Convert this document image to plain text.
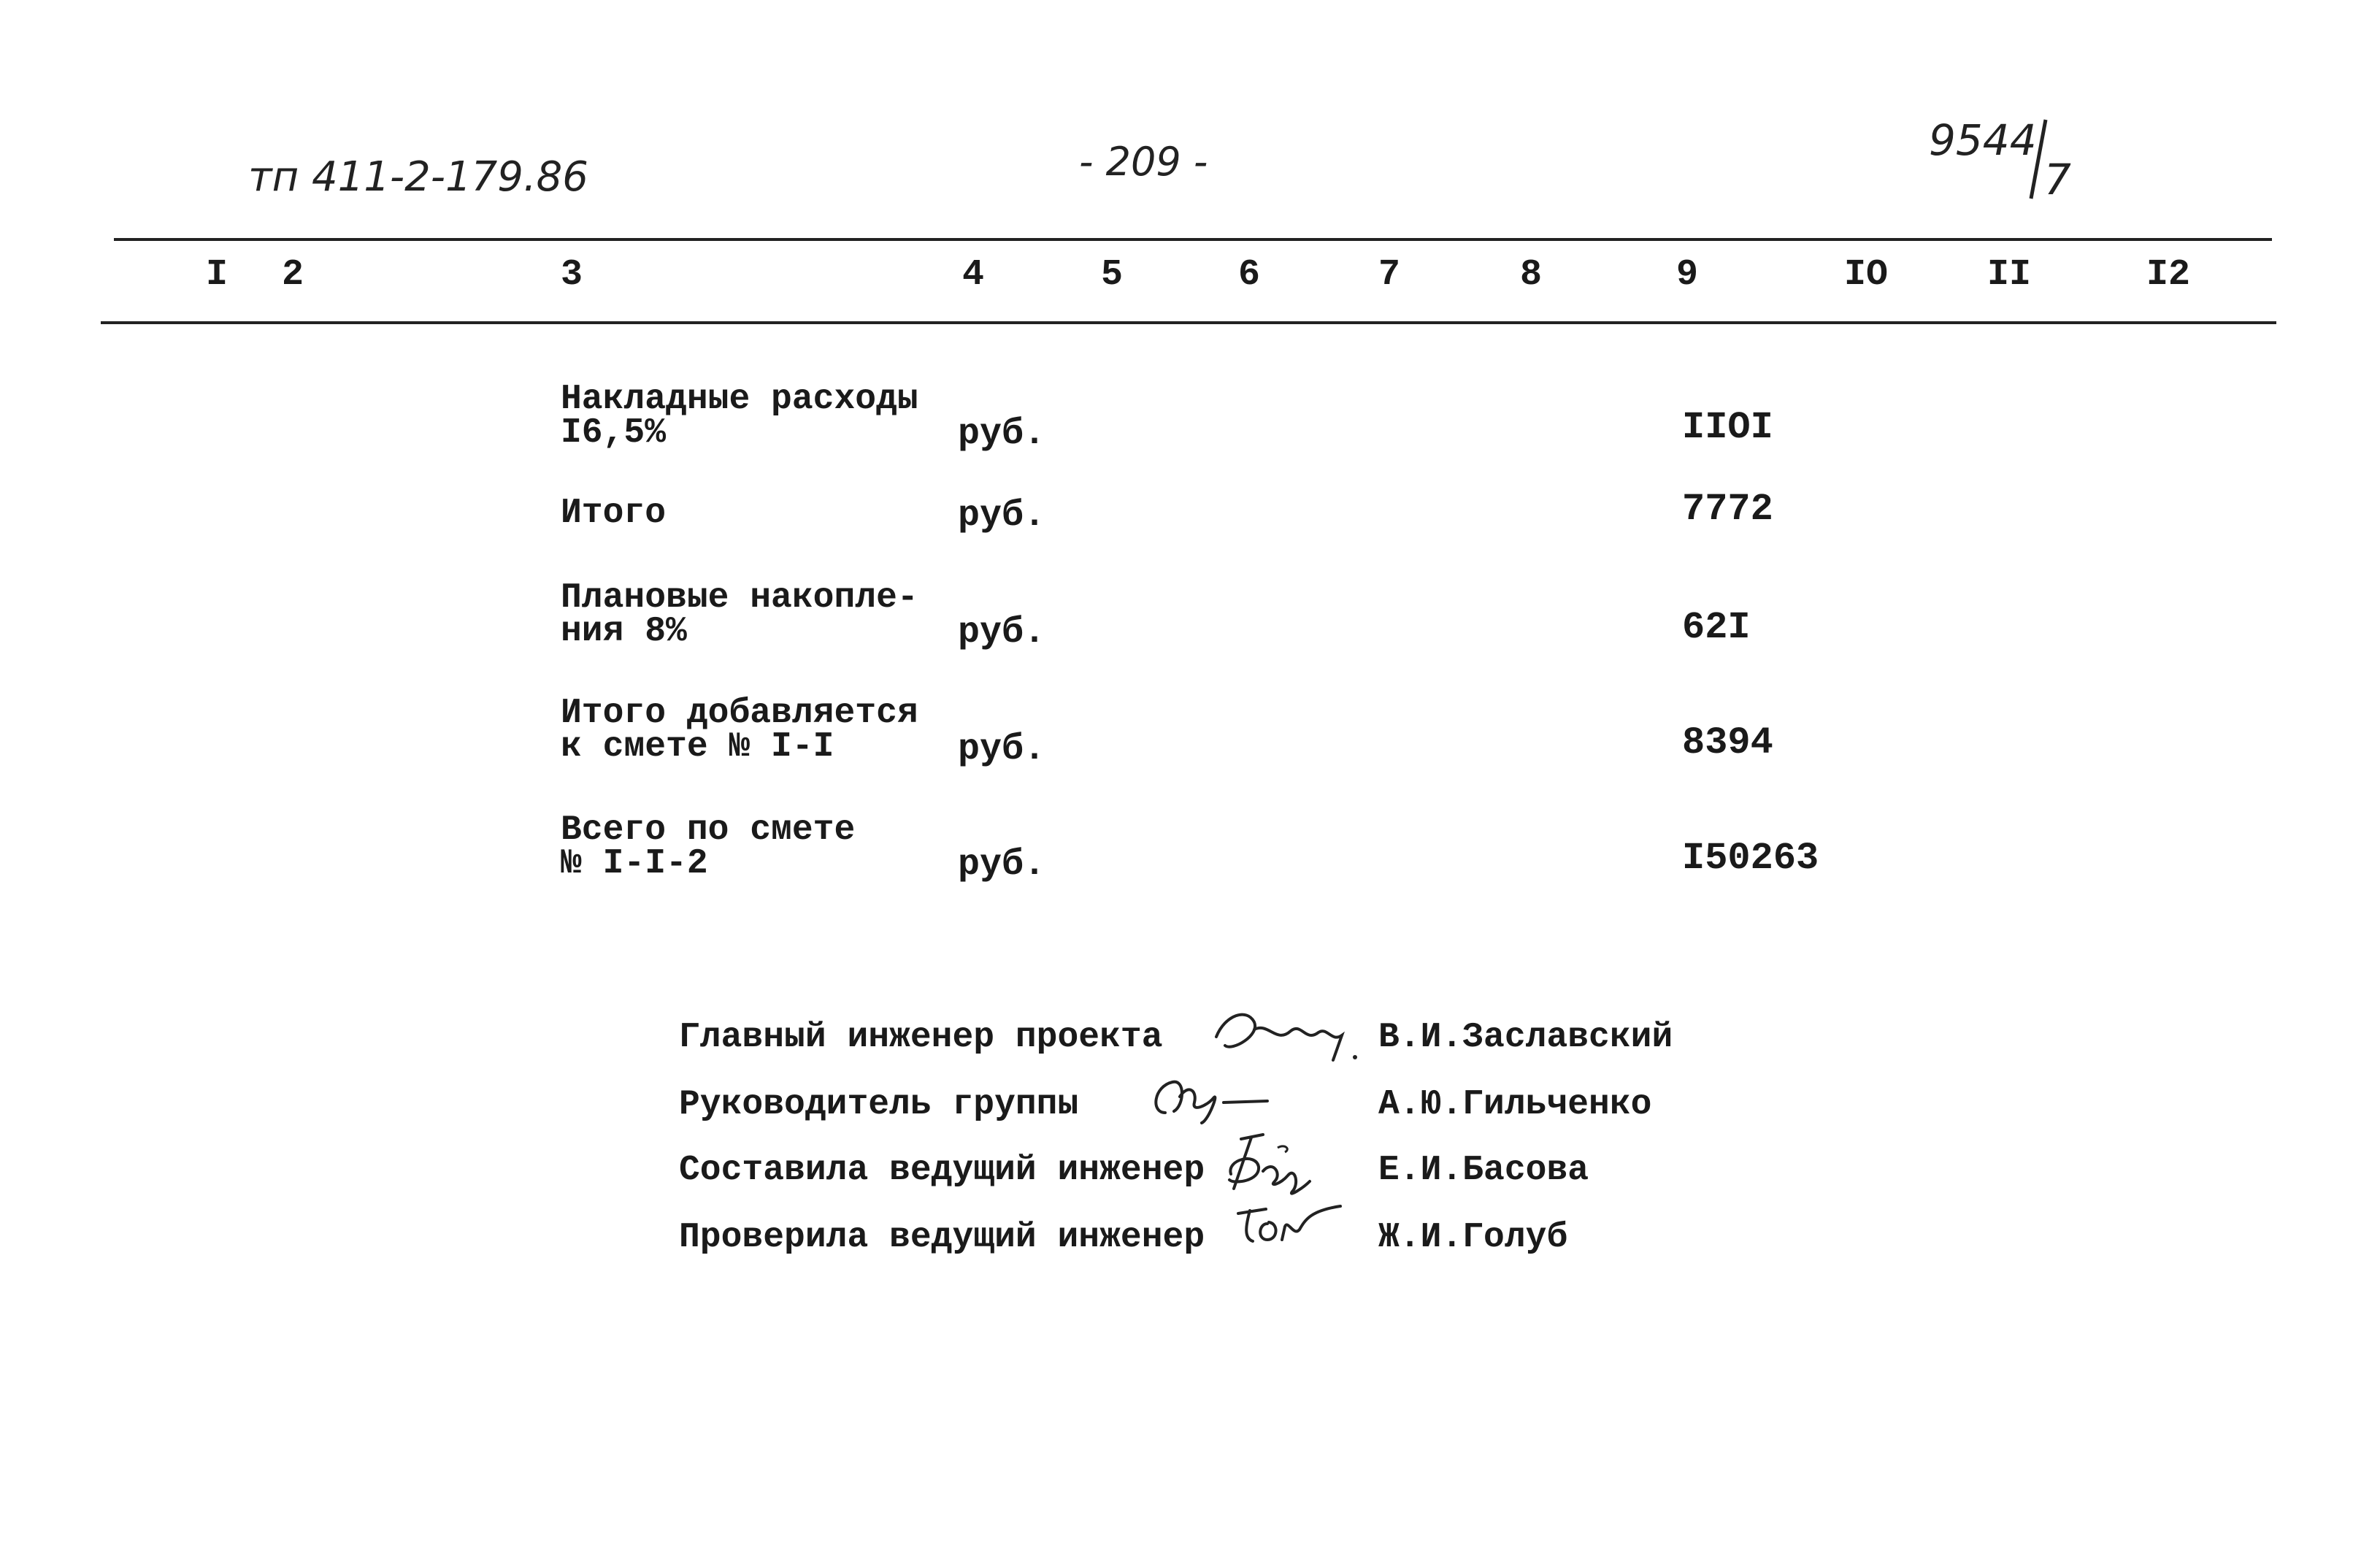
тп 411-2-179.86	- 209 -	9544
7
I 2	3	4	5	6	7	8	9	IO	II	I2
Накладные расходы
I6,5%	руб.	IIOI
Итого	руб.	7772
Плановые накопле-
ния 8%	руб.	62I
Итого добавляется
к смете № I-I	руб.	8394
Всего по смете
№ I-I-2	руб.	I50263
Главный инженер проекта	В.И.Заславский
Руководитель группы	А.Ю.Гильченко
Составила ведущий инженер	Е.И.Басова
Проверила ведущий инженер	Ж.И.Голуб
